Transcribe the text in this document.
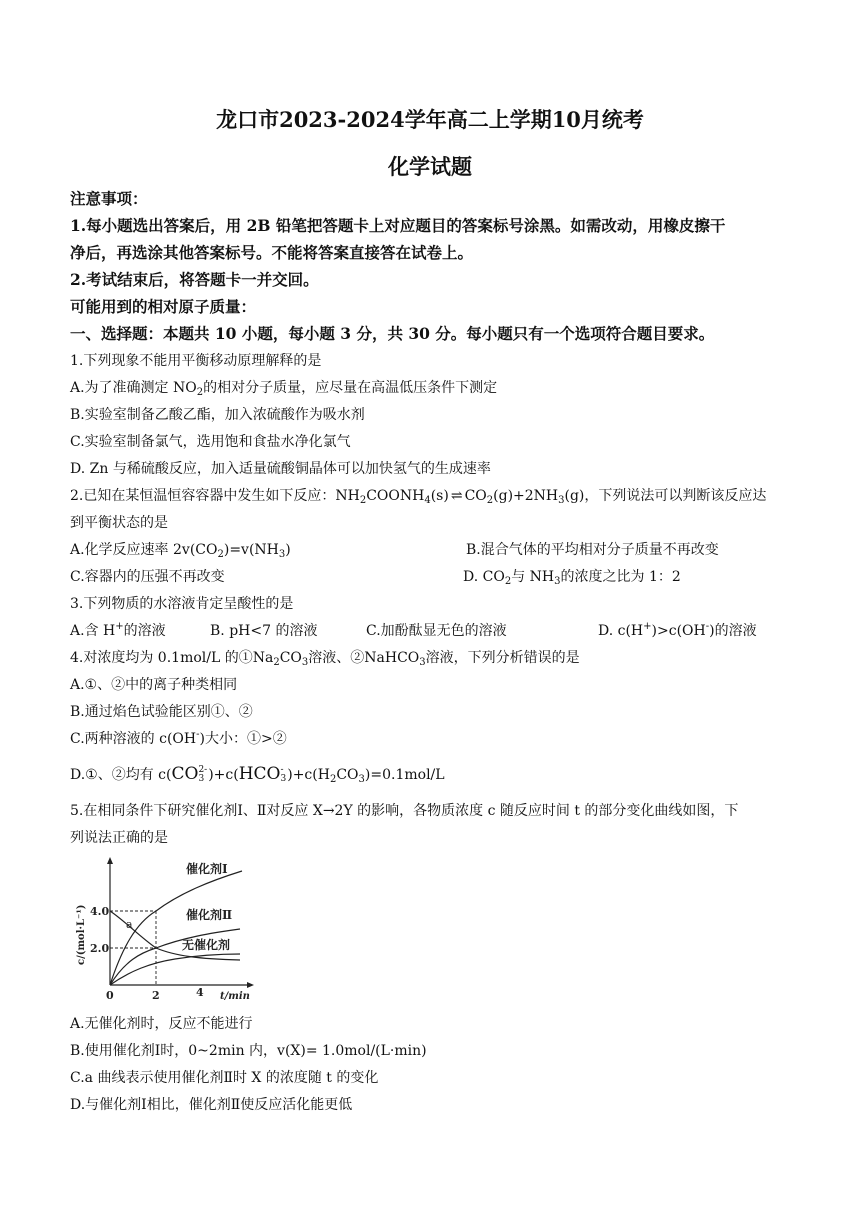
龙口市2023-2024学年高二上学期10月统考
化学试题
注意事项：
1.每小题选出答案后，用 2B 铅笔把答题卡上对应题目的答案标号涂黑。如需改动，用橡皮擦干
净后，再选涂其他答案标号。不能将答案直接答在试卷上。
2.考试结束后，将答题卡一并交回。
可能用到的相对原子质量：
一、选择题：本题共 10 小题，每小题 3 分，共 30 分。每小题只有一个选项符合题目要求。
1.下列现象不能用平衡移动原理解释的是
A.为了准确测定 $NO_2$的相对分子质量，应尽量在高温低压条件下测定
B.实验室制备乙酸乙酯，加入浓硫酸作为吸水剂
C.实验室制备氯气，选用饱和食盐水净化氯气
D. Zn 与稀硫酸反应，加入适量硫酸铜晶体可以加快氢气的生成速率
2.已知在某恒温恒容容器中发生如下反应：$NH_2COONH_4(s)$ ⇌ $CO_2(g)+2NH_3(g)$，下列说法可以判断该反应达
到平衡状态的是
A.化学反应速率 $2v(CO_2)=v(NH_3)$	B.混合气体的平均相对分子质量不再改变
C.容器内的压强不再改变	D. $CO_2$与 $NH_3$的浓度之比为 1：2
3.下列物质的水溶液肯定呈酸性的是
A.含 H+的溶液	B. pH<7 的溶液	C.加酚酞显无色的溶液	D. c(H+)>c(OH-)的溶液
4.对浓度均为 0.1mol/L 的$①Na_2CO_3$溶液、②NaHCO$_3$溶液，下列分析错误的是
A.①、②中的离子种类相同
B.通过焰色试验能区别①、②
C.两种溶液的 c(OH-)大小：①>②
D.①、②均有 c(CO 2-
3 )+c(HCO -
3 )$+c(H_2CO_3)=0.1mol/L$
5.在相同条件下研究催化剂Ⅰ、Ⅱ对反应 X→2Y 的影响，各物质浓度 c 随反应时间 t 的部分变化曲线如图，下
列说法正确的是
催化剂Ⅰ
催化剂Ⅱ
无催化剂
a
c/(mol·L⁻¹) 4.0
2.0
0	2	4 t/min
A.无催化剂时，反应不能进行
B.使用催化剂Ⅰ时，0~2min 内，v(X)= 1.0mol/(L·min)
C.a 曲线表示使用催化剂Ⅱ时 X 的浓度随 t 的变化
D.与催化剂Ⅰ相比，催化剂Ⅱ使反应活化能更低
